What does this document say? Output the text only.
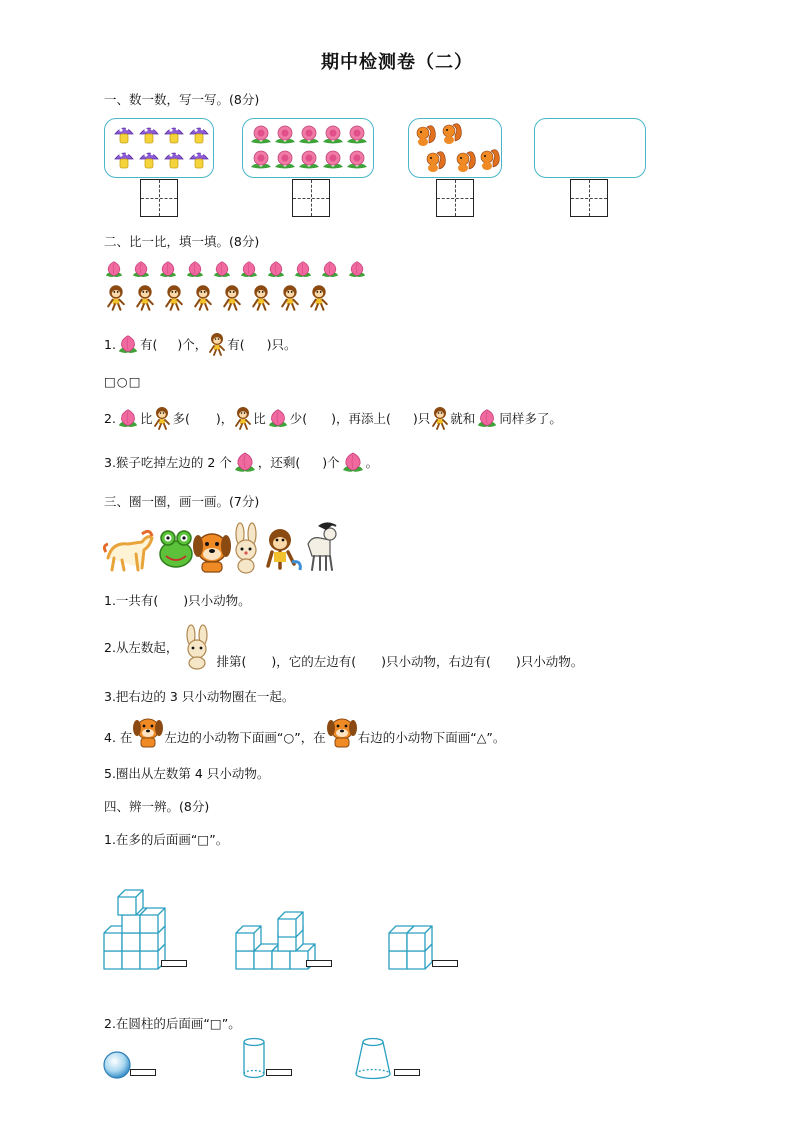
期中检测卷（二）
一、数一数，写一写。(8分)
二、比一比，填一填。(8分)
1. 有( )个， 有( )只。
□○□
2. 比 多( )， 比 少( )，再添上( )只 就和 同样多了。
3.猴子吃掉左边的 2 个 ，还剩( )个 。
三、圈一圈，画一画。(7分)
1.一共有(　　)只小动物。
2.从左数起，
排第(　　)，它的左边有(　　)只小动物，右边有(　　)只小动物。
3.把右边的 3 只小动物圈在一起。
4. 在	左边的小动物下面画“○”，在	右边的小动物下面画“△”。
5.圈出从左数第 4 只小动物。
四、辨一辨。(8分)
1.在多的后面画“□”。
2.在圆柱的后面画“□”。
